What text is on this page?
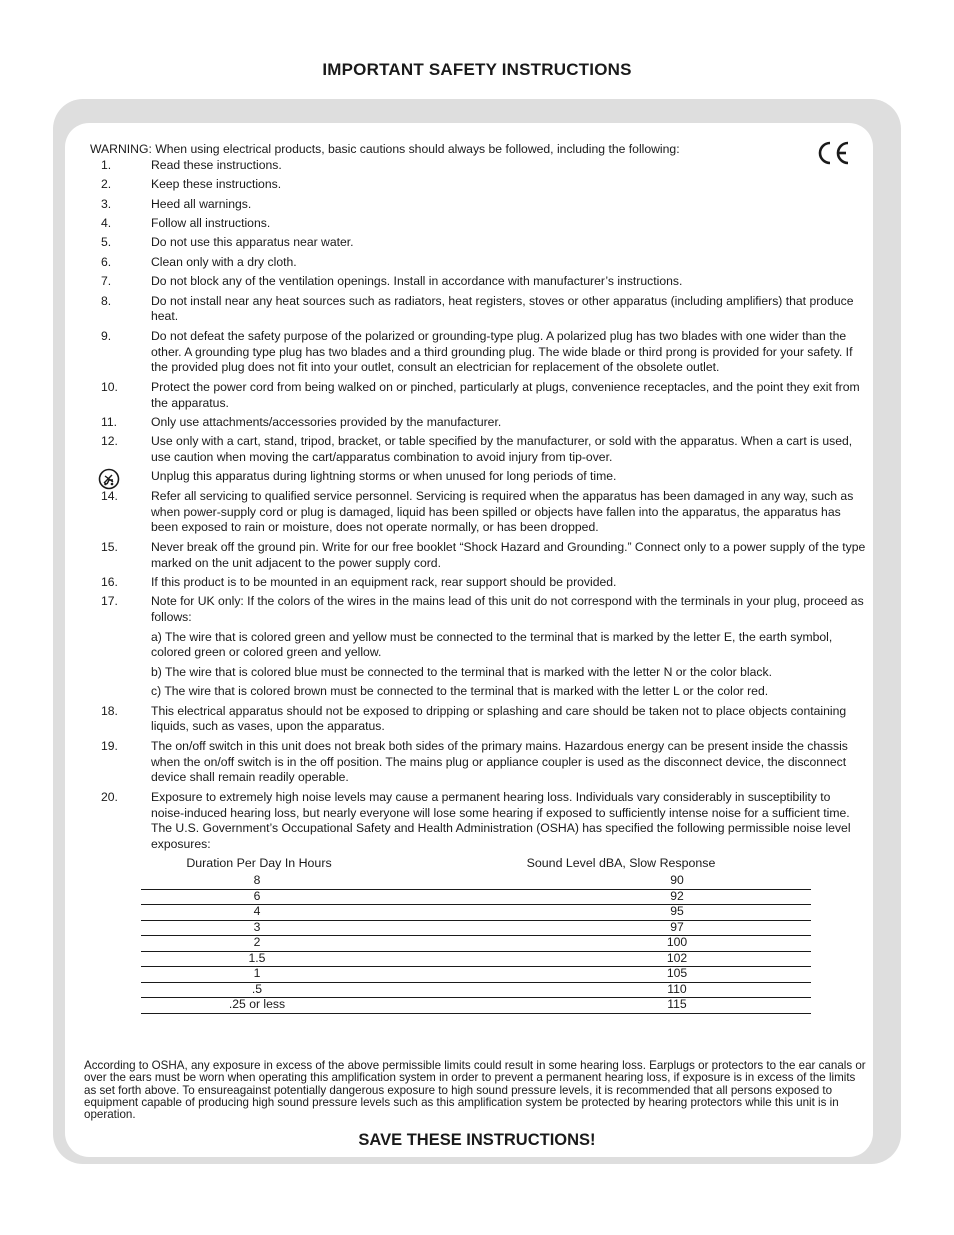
IMPORTANT SAFETY INSTRUCTIONS

WARNING: When using electrical products, basic cautions should always be followed, including the following:

1.	Read these instructions.
2.	Keep these instructions.
3.	Heed all warnings.
4.	Follow all instructions.
5.	Do not use this apparatus near water.
6.	Clean only with a dry cloth.
7.	Do not block any of the ventilation openings. Install in accordance with manufacturer’s instructions.
8.	Do not install near any heat sources such as radiators, heat registers, stoves or other apparatus (including amplifiers) that produce heat.
9.	Do not defeat the safety purpose of the polarized or grounding-type plug. A polarized plug has two blades with one wider than the other. A grounding type plug has two blades and a third grounding plug. The wide blade or third prong is provided for your safety. If the provided plug does not fit into your outlet, consult an electrician for replacement of the obsolete outlet.
10.	Protect the power cord from being walked on or pinched, particularly at plugs, convenience receptacles, and the point they exit from the apparatus.
11.	Only use attachments/accessories provided by the manufacturer.
12.	Use only with a cart, stand, tripod, bracket, or table specified by the manufacturer, or sold with the apparatus. When a cart is used, use caution when moving the cart/apparatus combination to avoid injury from tip-over.
Unplug this apparatus during lightning storms or when unused for long periods of time.
14.	Refer all servicing to qualified service personnel. Servicing is required when the apparatus has been damaged in any way, such as when power-supply cord or plug is damaged, liquid has been spilled or objects have fallen into the apparatus, the apparatus has been exposed to rain or moisture, does not operate normally, or has been dropped.
15.	Never break off the ground pin. Write for our free booklet “Shock Hazard and Grounding.” Connect only to a power supply of the type marked on the unit adjacent to the power supply cord.
16.	If this product is to be mounted in an equipment rack, rear support should be provided.
17.	Note for UK only: If the colors of the wires in the mains lead of this unit do not correspond with the terminals in your plug, proceed as follows:

a) The wire that is colored green and yellow must be connected to the terminal that is marked by the letter E, the earth symbol, colored green or colored green and yellow.

b) The wire that is colored blue must be connected to the terminal that is marked with the letter N or the color black.

c) The wire that is colored brown must be connected to the terminal that is marked with the letter L or the color red.

18.	This electrical apparatus should not be exposed to dripping or splashing and care should be taken not to place objects containing liquids, such as vases, upon the apparatus.
19.	The on/off switch in this unit does not break both sides of the primary mains. Hazardous energy can be present inside the chassis when the on/off switch is in the off position. The mains plug or appliance coupler is used as the disconnect device, the disconnect device shall remain readily operable.
20.	Exposure to extremely high noise levels may cause a permanent hearing loss. Individuals vary considerably in susceptibility to noise-induced hearing loss, but nearly everyone will lose some hearing if exposed to sufficiently intense noise for a sufficient time. The U.S. Government’s Occupational Safety and Health Administration (OSHA) has specified the following permissible noise level exposures:
Duration Per Day In Hours	Sound Level dBA, Slow Response
8	90
6	92
4	95
3	97
2	100
1.5	102
1	105
.5	110
.25 or less	115

According to OSHA, any exposure in excess of the above permissible limits could result in some hearing loss. Earplugs or protectors to the ear canals or over the ears must be worn when operating this amplification system in order to prevent a permanent hearing loss, if exposure is in excess of the limits as set forth above. To ensureagainst potentially dangerous exposure to high sound pressure levels, it is recommended that all persons exposed to equipment capable of producing high sound pressure levels such as this amplification system be protected by hearing protectors while this unit is in operation.

SAVE THESE INSTRUCTIONS!
